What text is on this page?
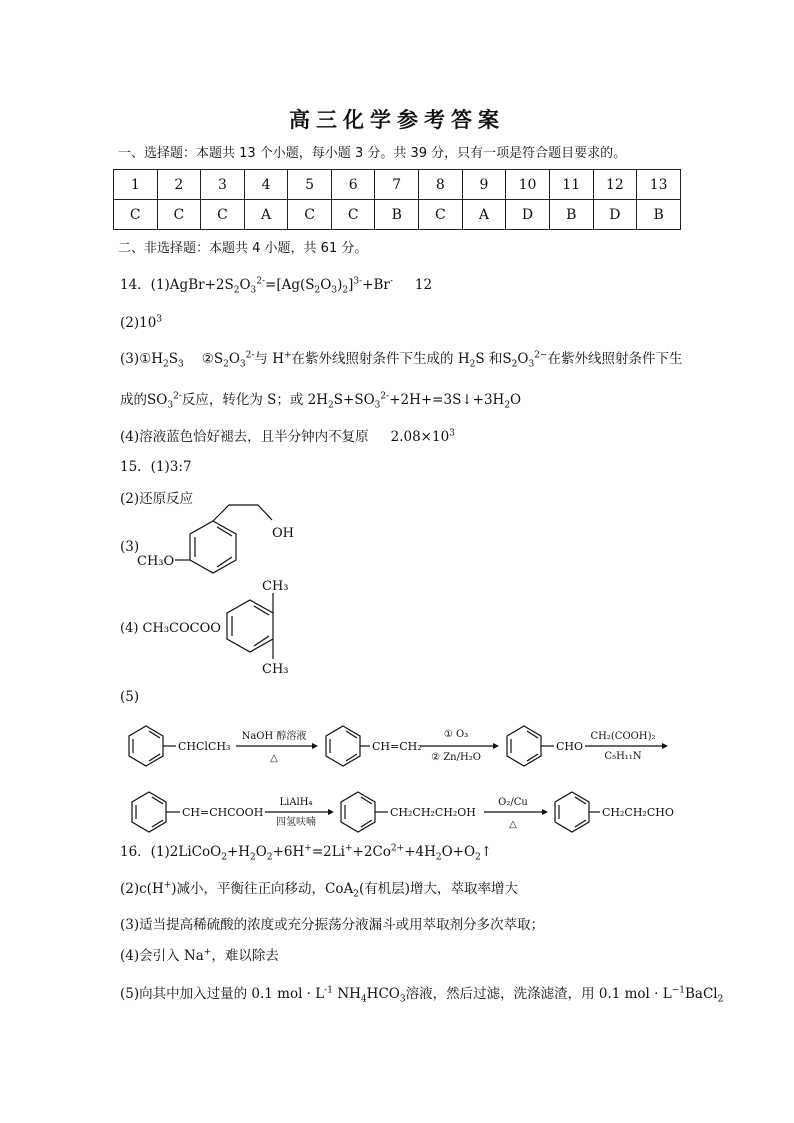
高三化学参考答案
一、选择题：本题共 13 个小题，每小题 3 分。共 39 分，只有一项是符合题目要求的。
1	2	3	4	5	6	7	8	9	10	11	12	13
C	C	C	A	C	C	B	C	A	D	B	D	B
二、非选择题：本题共 4 小题，共 61 分。
14．$(1)AgBr+2S_2O_3^{2-}=[Ag(S_2O_3)_2]^{3-}+Br^-$ 12
$(2)10^3$
$(3)①H_2S_3$ $②S_2O_3^{2-}$与 H+在紫外线照射条件下生成的 $H_2S$ 和$S_2O_3^{2-}$在紫外线照射条件下生
成的$SO_3^{2-}$反应，转化为 S；或 $2H_2S+SO_3^{2-}+2H+=3S↓+3H_2O$
(4)溶液蓝色恰好褪去，且半分钟内不复原 $2.08\times 10^3$
15．(1)3:7
(2)还原反应
(3)
(5)
OH
CH₃O
(4) CH₃COCOO
CH₃
CH₃
CHClCH₃	CH=CH₂	CHO
CH=CHCOOH	CH₂CH₂CH₂OH	CH₂CH₂CHO
NaOH 醇溶液
△
① O₃
② Zn/H₂O
CH₂(COOH)₂
C₅H₁₁N
LiAlH₄
四氢呋喃
O₂/Cu
△
16．$(1)2LiCoO_2+H_2O_2+6H^+=2Li^++2Co^{2+}+4H_2O+O_2↑$
(2)c(H+)减小，平衡往正向移动，CoA$_2$(有机层)增大，萃取率增大
(3)适当提高稀硫酸的浓度或充分振荡分液漏斗或用萃取剂分多次萃取；
(4)会引入 Na+，难以除去
(5)向其中加入过量的 0.1 mol · $L^{-1}$ $NH_4HCO_3$溶液，然后过滤，洗涤滤渣，用 0.1 mol · $L^{-1}BaCl_2$
